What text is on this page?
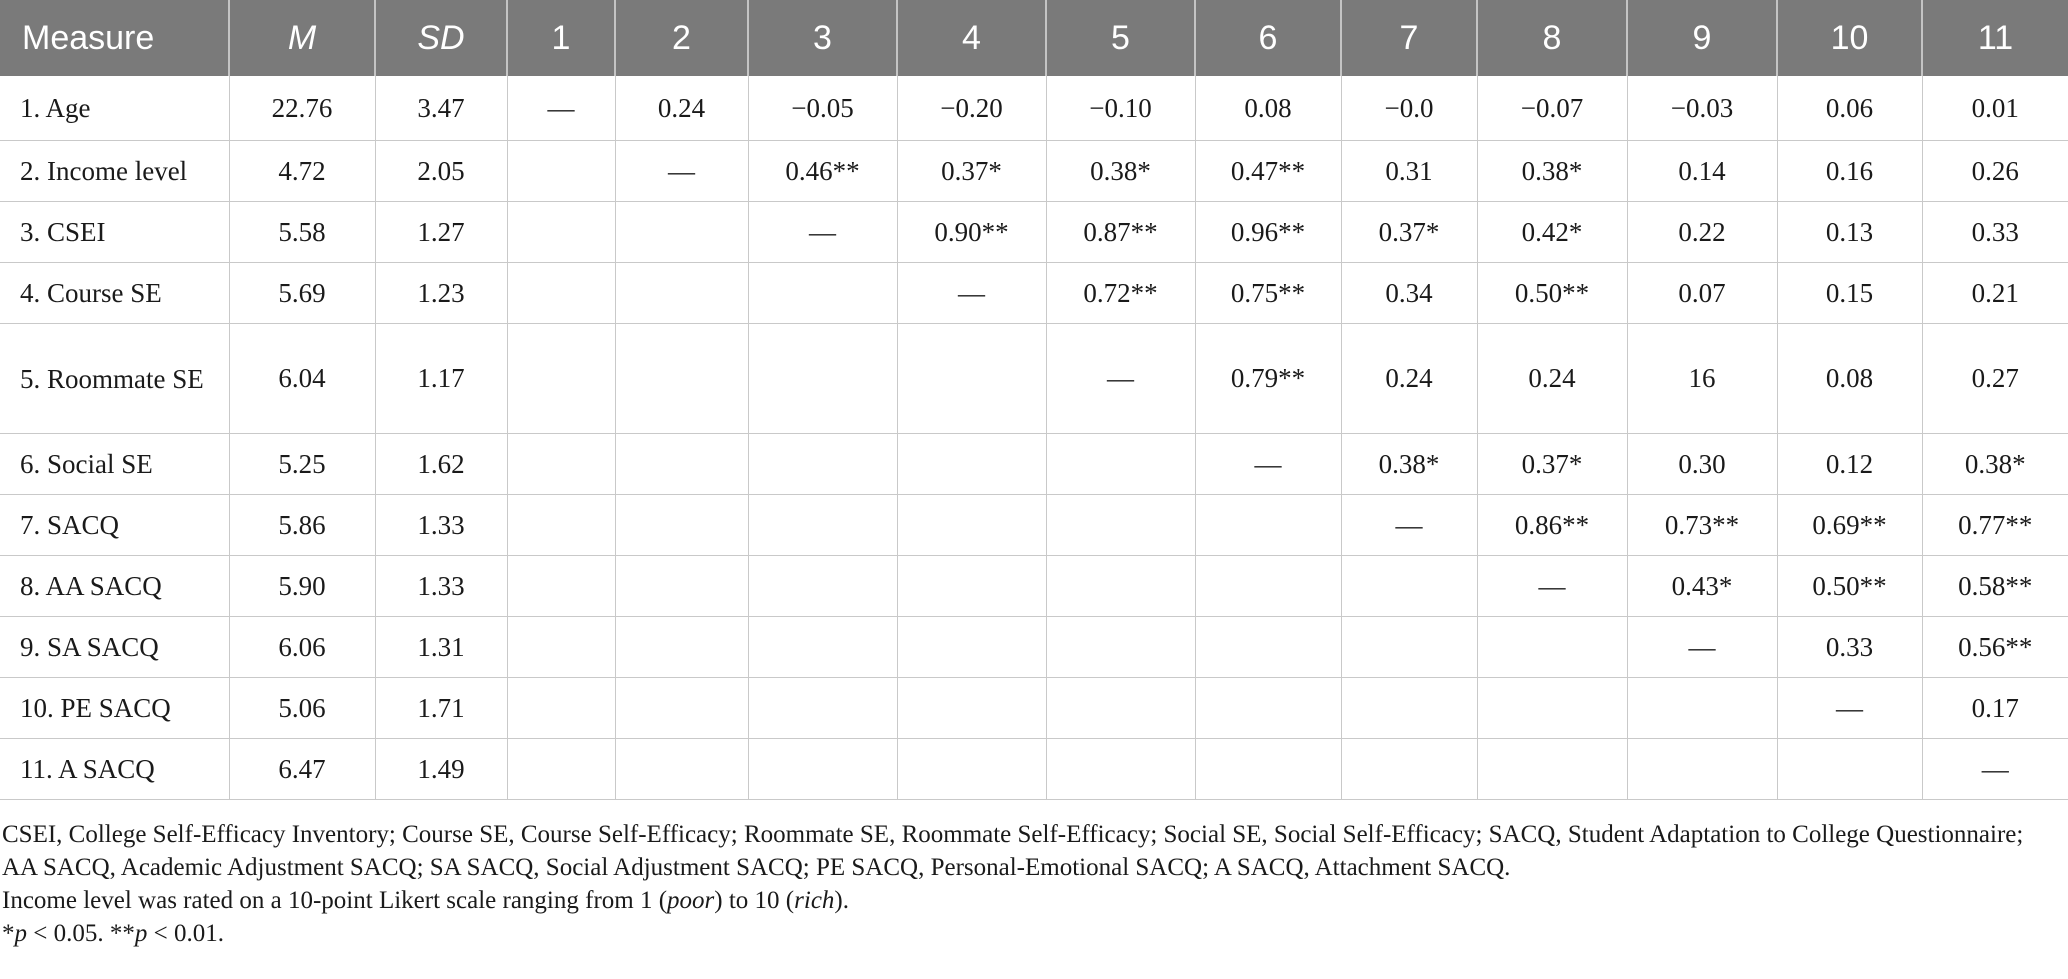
Measure	M	SD	1	2	3	4	5	6	7	8	9	10	11
1. Age	22.76	3.47	—	0.24	−0.05	−0.20	−0.10	0.08	−0.0	−0.07	−0.03	0.06	0.01
2. Income level	4.72	2.05		—	0.46**	0.37*	0.38*	0.47**	0.31	0.38*	0.14	0.16	0.26
3. CSEI	5.58	1.27			—	0.90**	0.87**	0.96**	0.37*	0.42*	0.22	0.13	0.33
4. Course SE	5.69	1.23				—	0.72**	0.75**	0.34	0.50**	0.07	0.15	0.21
5. Roommate SE	6.04	1.17					—	0.79**	0.24	0.24	16	0.08	0.27
6. Social SE	5.25	1.62						—	0.38*	0.37*	0.30	0.12	0.38*
7. SACQ	5.86	1.33							—	0.86**	0.73**	0.69**	0.77**
8. AA SACQ	5.90	1.33								—	0.43*	0.50**	0.58**
9. SA SACQ	6.06	1.31									—	0.33	0.56**
10. PE SACQ	5.06	1.71										—	0.17
11. A SACQ	6.47	1.49											—

CSEI, College Self-Efficacy Inventory; Course SE, Course Self-Efficacy; Roommate SE, Roommate Self-Efficacy; Social SE, Social Self-Efficacy; SACQ, Student Adaptation to College Questionnaire; AA SACQ, Academic Adjustment SACQ; SA SACQ, Social Adjustment SACQ; PE SACQ, Personal-Emotional SACQ; A SACQ, Attachment SACQ.

Income level was rated on a 10-point Likert scale ranging from 1 (poor) to 10 (rich).

*p < 0.05. **p < 0.01.
